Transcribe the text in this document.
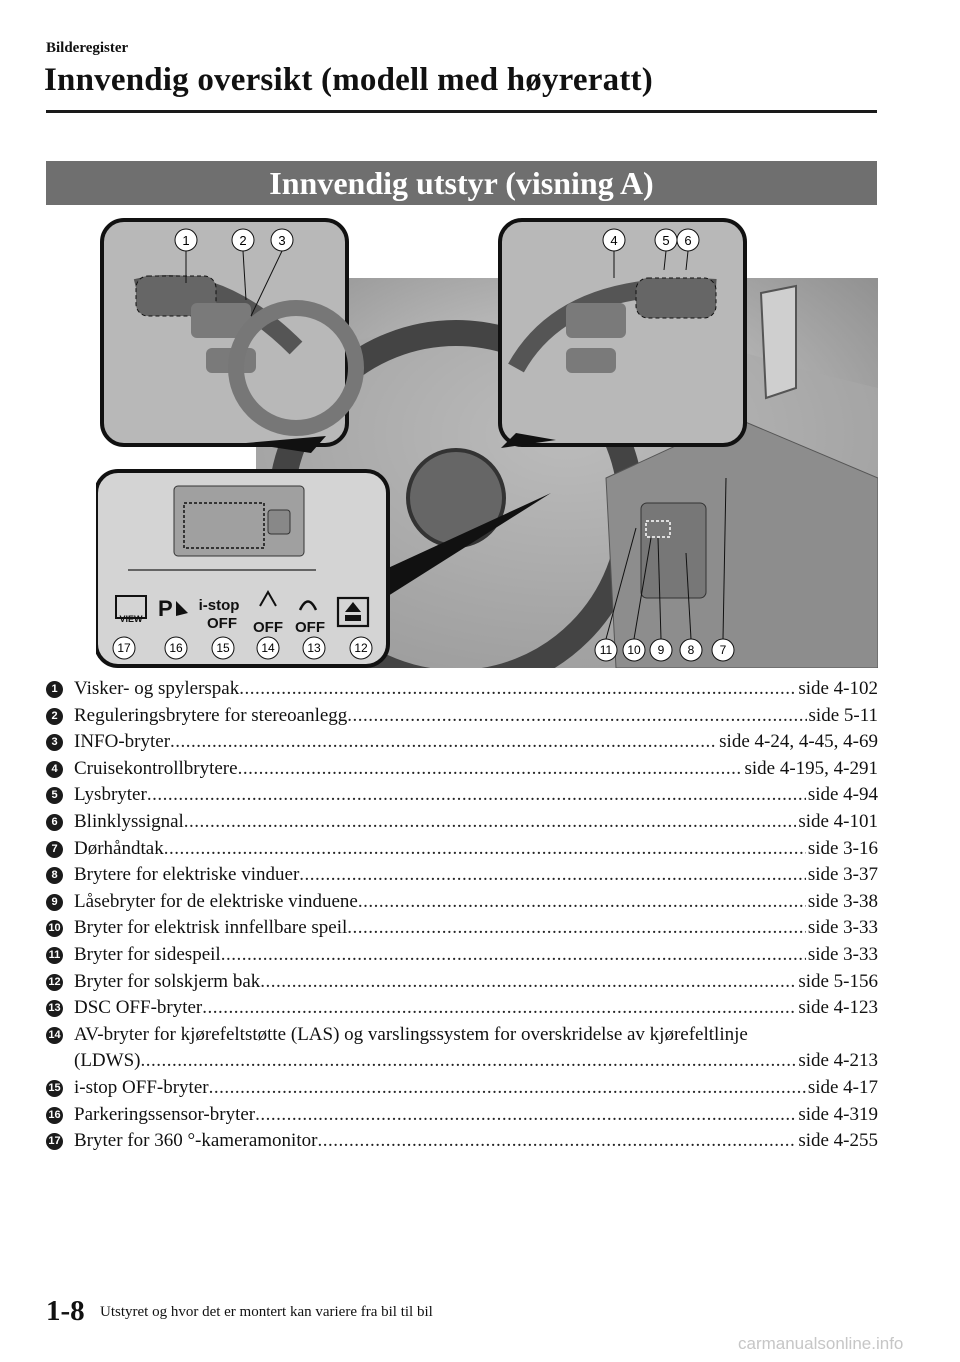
Bilderegister
Innvendig oversikt (modell med høyreratt)
Innvendig utstyr (visning A)
VIEW P i-stop
OFF OFF OFF
1	2 3	4	5 6
17	16	15	14	13	12	11 10 9 8 7
1 Visker- og spylerspak .....	side 4-102
2 Reguleringsbrytere for stereoanlegg .....	side 5-11
3 INFO-bryter .....	side 4-24, 4-45, 4-69
4 Cruisekontrollbrytere .....	side 4-195, 4-291
5 Lysbryter .....	side 4-94
6 Blinklyssignal .....	side 4-101
7 Dørhåndtak .....	side 3-16
8 Brytere for elektriske vinduer .....	side 3-37
9 Låsebryter for de elektriske vinduene .....	side 3-38
10 Bryter for elektrisk innfellbare speil .....	side 3-33
11 Bryter for sidespeil .....	side 3-33
12 Bryter for solskjerm bak .....	side 5-156
13 DSC OFF-bryter .....	side 4-123
14 AV-bryter for kjørefeltstøtte (LAS) og varslingssystem for overskridelse av kjørefeltlinje
(LDWS) .....	side 4-213
15 i-stop OFF-bryter .....	side 4-17
16 Parkeringssensor-bryter .....	side 4-319
17 Bryter for 360 °-kameramonitor .....	side 4-255
1-8 Utstyret og hvor det er montert kan variere fra bil til bil
carmanualsonline.info
